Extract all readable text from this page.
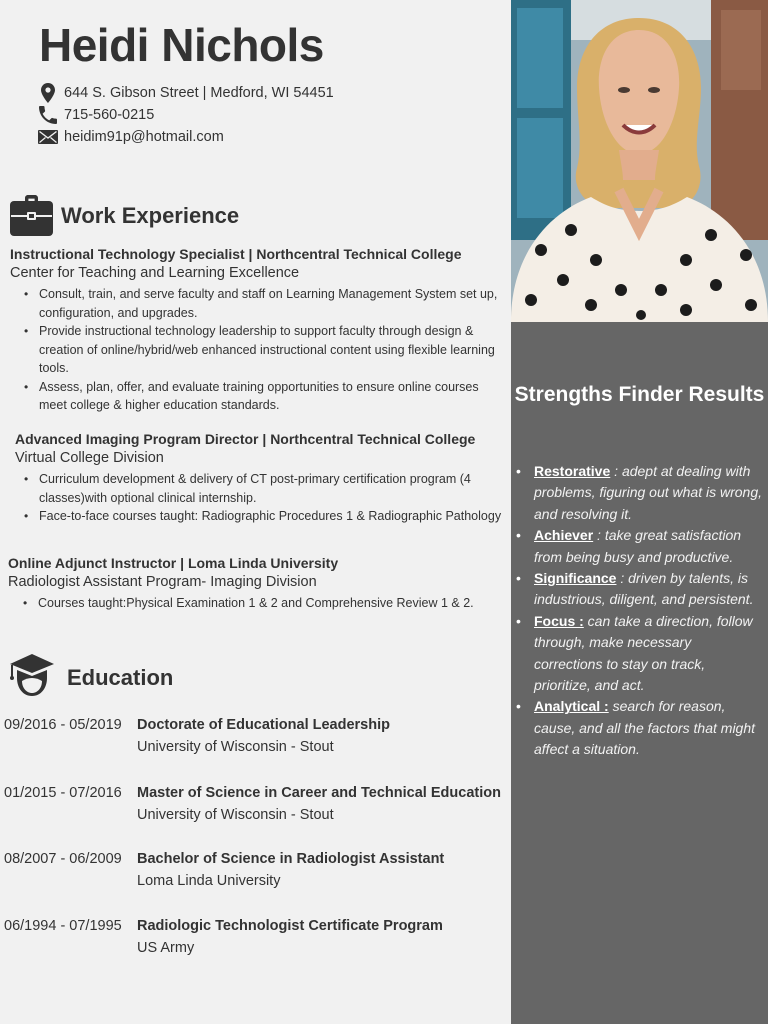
Heidi Nichols
644 S. Gibson Street | Medford, WI 54451
715-560-0215
heidim91p@hotmail.com
Work Experience
Instructional Technology Specialist | Northcentral Technical College
Center for Teaching and Learning Excellence
• Consult, train, and serve faculty and staff on Learning Management System set up, configuration, and upgrades.
• Provide instructional technology leadership to support faculty through design & creation of online/hybrid/web enhanced instructional content using flexible learning tools.
• Assess, plan, offer, and evaluate training opportunities to ensure online courses meet college & higher education standards.
Advanced Imaging Program Director | Northcentral Technical College
Virtual College Division
• Curriculum development & delivery of CT post-primary certification program (4 classes)with optional clinical internship.
• Face-to-face courses taught: Radiographic Procedures 1 & Radiographic Pathology
Online Adjunct Instructor | Loma Linda University
Radiologist Assistant Program- Imaging Division
• Courses taught:Physical Examination 1 & 2 and Comprehensive Review 1 & 2.
Education
09/2016 - 05/2019 Doctorate of Educational Leadership
University of Wisconsin - Stout
01/2015 - 07/2016 Master of Science in Career and Technical Education
University of Wisconsin - Stout
08/2007 - 06/2009 Bachelor of Science in Radiologist Assistant
Loma Linda University
06/1994 - 07/1995 Radiologic Technologist Certificate Program
US Army
Strengths Finder Results
• Restorative : adept at dealing with problems, figuring out what is wrong, and resolving it.
• Achiever : take great satisfaction from being busy and productive.
• Significance : driven by talents, is industrious, diligent, and persistent.
• Focus : can take a direction, follow through, make necessary corrections to stay on track, prioritize, and act.
• Analytical : search for reason, cause, and all the factors that might affect a situation.
